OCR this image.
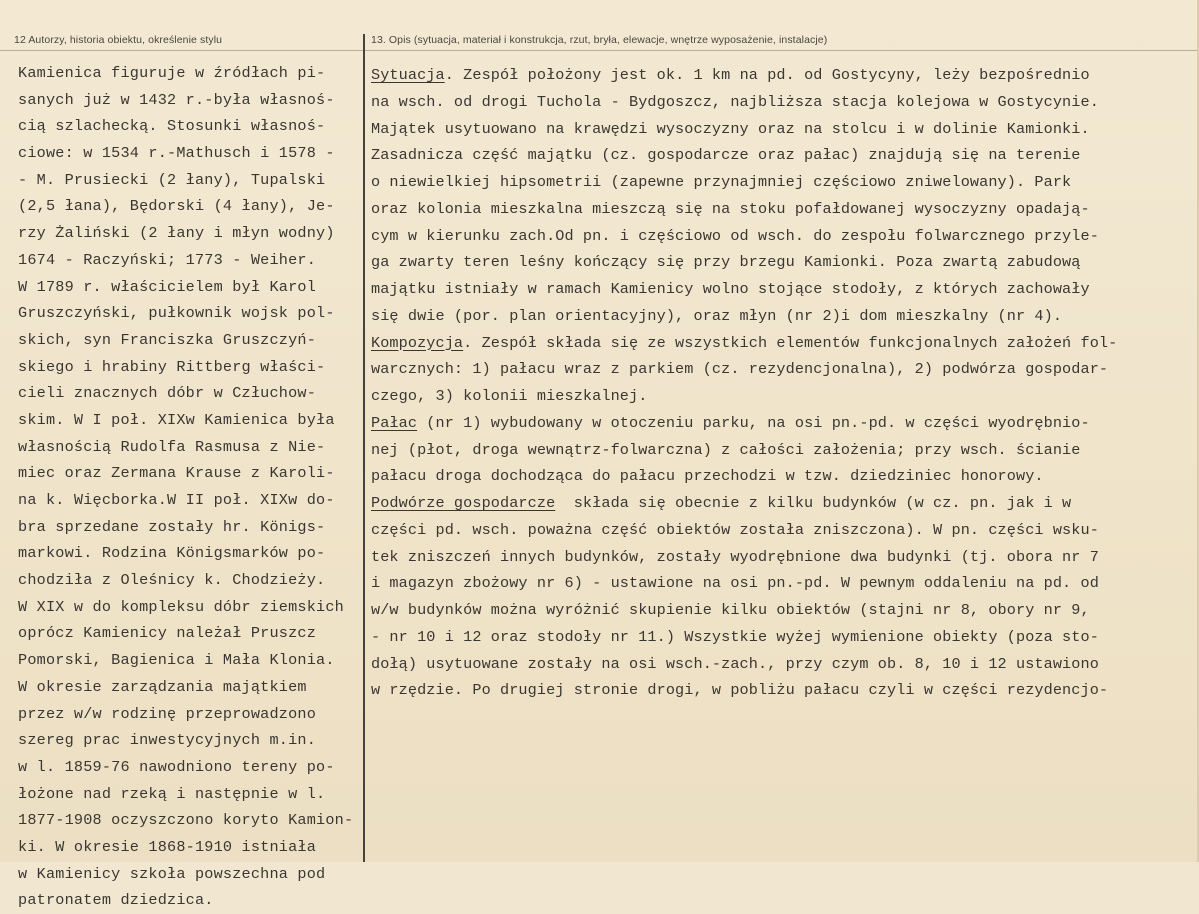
12 Autorzy, historia obiektu, określenie stylu	13. Opis (sytuacja, materiał i konstrukcja, rzut, bryła, elewacje, wnętrze wyposażenie, instalacje)
Kamienica figuruje w źródłach pi-
sanych już w 1432 r.-była własnoś-
cią szlachecką. Stosunki własnoś-
ciowe: w 1534 r.-Mathusch i 1578 -
- M. Prusiecki (2 łany), Tupalski
(2,5 łana), Będorski (4 łany), Je-
rzy Żaliński (2 łany i młyn wodny)
1674 - Raczyński; 1773 - Weiher.
W 1789 r. właścicielem był Karol
Gruszczyński, pułkownik wojsk pol-
skich, syn Franciszka Gruszczyń-
skiego i hrabiny Rittberg właści-
cieli znacznych dóbr w Człuchow-
skim. W I poł. XIXw Kamienica była
własnością Rudolfa Rasmusa z Nie-
miec oraz Zermana Krause z Karoli-
na k. Więcborka.W II poł. XIXw do-
bra sprzedane zostały hr. Königs-
markowi. Rodzina Königsmarków po-
chodziła z Oleśnicy k. Chodzieży.
W XIX w do kompleksu dóbr ziemskich
oprócz Kamienicy należał Pruszcz
Pomorski, Bagienica i Mała Klonia.
W okresie zarządzania majątkiem
przez w/w rodzinę przeprowadzono
szereg prac inwestycyjnych m.in.
w l. 1859-76 nawodniono tereny po-
łożone nad rzeką i następnie w l.
1877-1908 oczyszczono koryto Kamion-
ki. W okresie 1868-1910 istniała
w Kamienicy szkoła powszechna pod
patronatem dziedzica.
Sytuacja. Zespół położony jest ok. 1 km na pd. od Gostycyny, leży bezpośrednio
na wsch. od drogi Tuchola - Bydgoszcz, najbliższa stacja kolejowa w Gostycynie.
Majątek usytuowano na krawędzi wysoczyzny oraz na stolcu i w dolinie Kamionki.
Zasadnicza część majątku (cz. gospodarcze oraz pałac) znajdują się na terenie
o niewielkiej hipsometrii (zapewne przynajmniej częściowo zniwelowany). Park
oraz kolonia mieszkalna mieszczą się na stoku pofałdowanej wysoczyzny opadają-
cym w kierunku zach.Od pn. i częściowo od wsch. do zespołu folwarcznego przyle-
ga zwarty teren leśny kończący się przy brzegu Kamionki. Poza zwartą zabudową
majątku istniały w ramach Kamienicy wolno stojące stodoły, z których zachowały
się dwie (por. plan orientacyjny), oraz młyn (nr 2)i dom mieszkalny (nr 4).
Kompozycja. Zespół składa się ze wszystkich elementów funkcjonalnych założeń fol-
warcznych: 1) pałacu wraz z parkiem (cz. rezydencjonalna), 2) podwórza gospodar-
czego, 3) kolonii mieszkalnej.
Pałac (nr 1) wybudowany w otoczeniu parku, na osi pn.-pd. w części wyodrębnio-
nej (płot, droga wewnątrz-folwarczna) z całości założenia; przy wsch. ścianie
pałacu droga dochodząca do pałacu przechodzi w tzw. dziedziniec honorowy.
Podwórze gospodarcze  składa się obecnie z kilku budynków (w cz. pn. jak i w
części pd. wsch. poważna część obiektów została zniszczona). W pn. części wsku-
tek zniszczeń innych budynków, zostały wyodrębnione dwa budynki (tj. obora nr 7
i magazyn zbożowy nr 6) - ustawione na osi pn.-pd. W pewnym oddaleniu na pd. od
w/w budynków można wyróżnić skupienie kilku obiektów (stajni nr 8, obory nr 9,
- nr 10 i 12 oraz stodoły nr 11.) Wszystkie wyżej wymienione obiekty (poza sto-
dołą) usytuowane zostały na osi wsch.-zach., przy czym ob. 8, 10 i 12 ustawiono
w rzędzie. Po drugiej stronie drogi, w pobliżu pałacu czyli w części rezydencjo-
